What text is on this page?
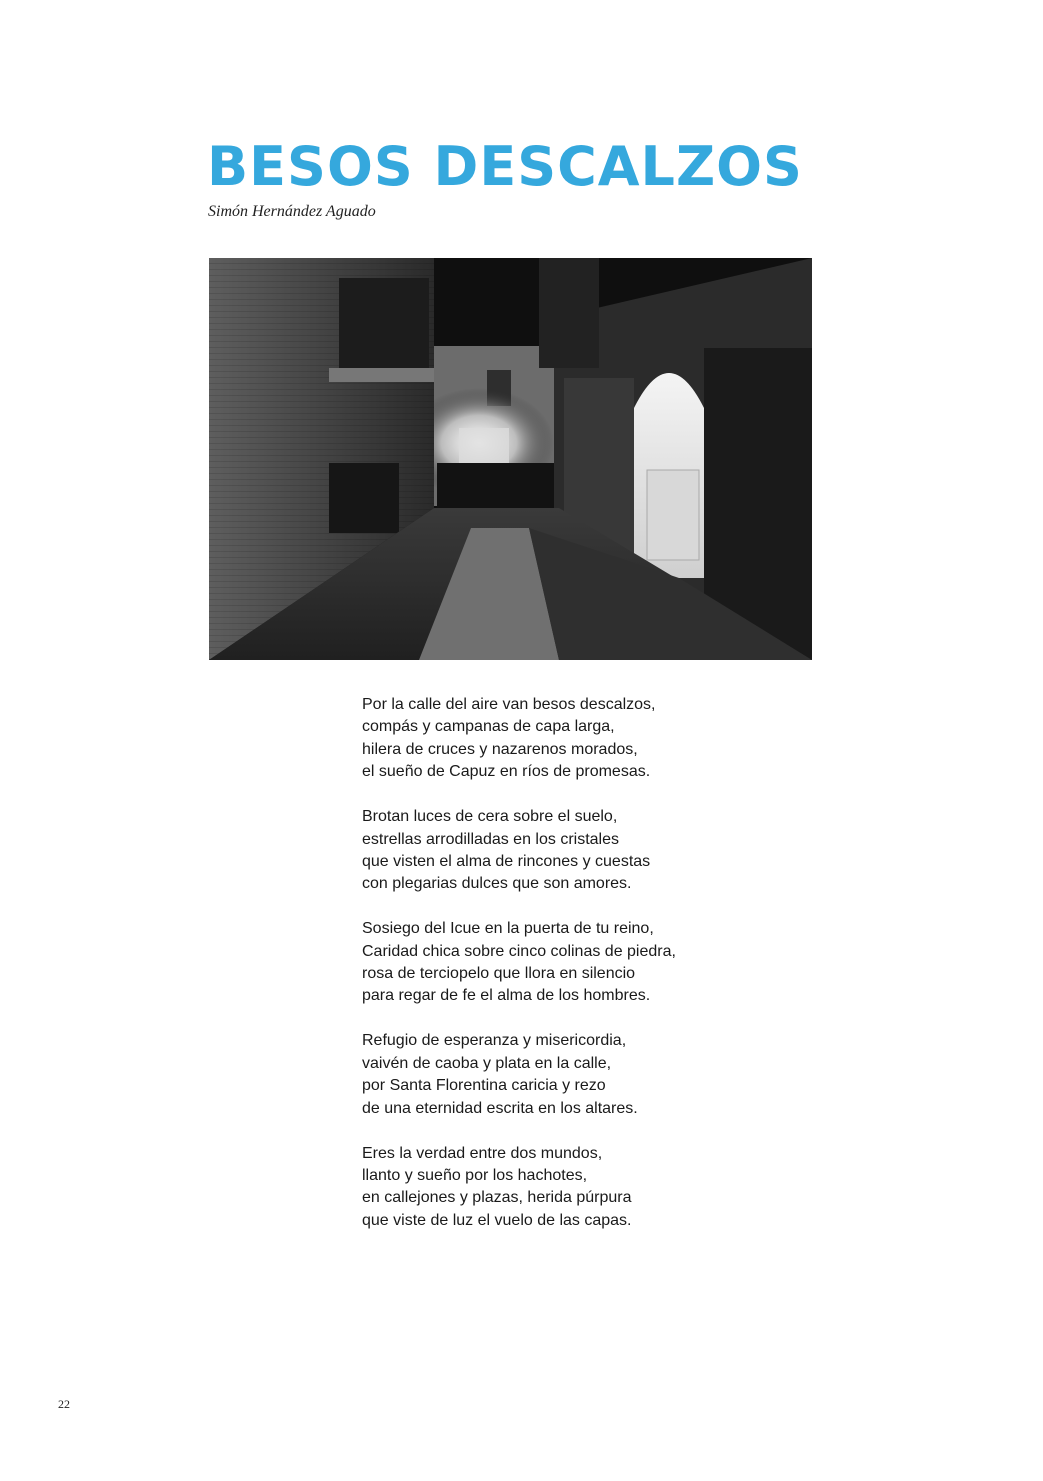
BESOS DESCALZOS
Simón Hernández Aguado

Por la calle del aire van besos descalzos,
compás y campanas de capa larga,
hilera de cruces y nazarenos morados,
el sueño de Capuz en ríos de promesas.

Brotan luces de cera sobre el suelo,
estrellas arrodilladas en los cristales
que visten el alma de rincones y cuestas
con plegarias dulces que son amores.

Sosiego del Icue en la puerta de tu reino,
Caridad chica sobre cinco colinas de piedra,
rosa de terciopelo que llora en silencio
para regar de fe el alma de los hombres.

Refugio de esperanza y misericordia,
vaivén de caoba y plata en la calle,
por Santa Florentina caricia y rezo
de una eternidad escrita en los altares.

Eres la verdad entre dos mundos,
llanto y sueño por los hachotes,
en callejones y plazas, herida púrpura
que viste de luz el vuelo de las capas.

22
